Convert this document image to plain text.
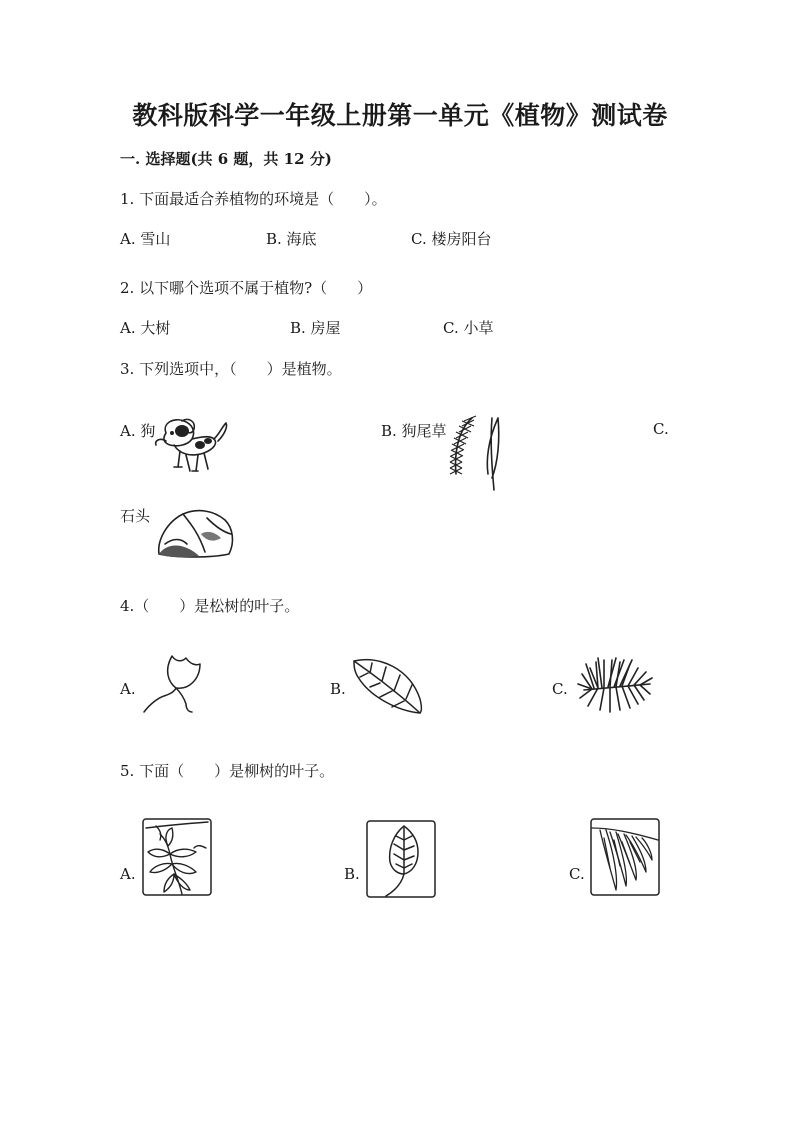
教科版科学一年级上册第一单元《植物》测试卷
一. 选择题(共 6 题，共 12 分)
1. 下面最适合养植物的环境是（　　）。
A. 雪山	B. 海底	C. 楼房阳台
2. 以下哪个选项不属于植物?（　　）
A. 大树	B. 房屋	C. 小草
3. 下列选项中，（　　）是植物。
A. 狗	B. 狗尾草	C.
石头
4.（　　）是松树的叶子。
A.	B.	C.
5. 下面（　　）是柳树的叶子。
A.	B.	C.
